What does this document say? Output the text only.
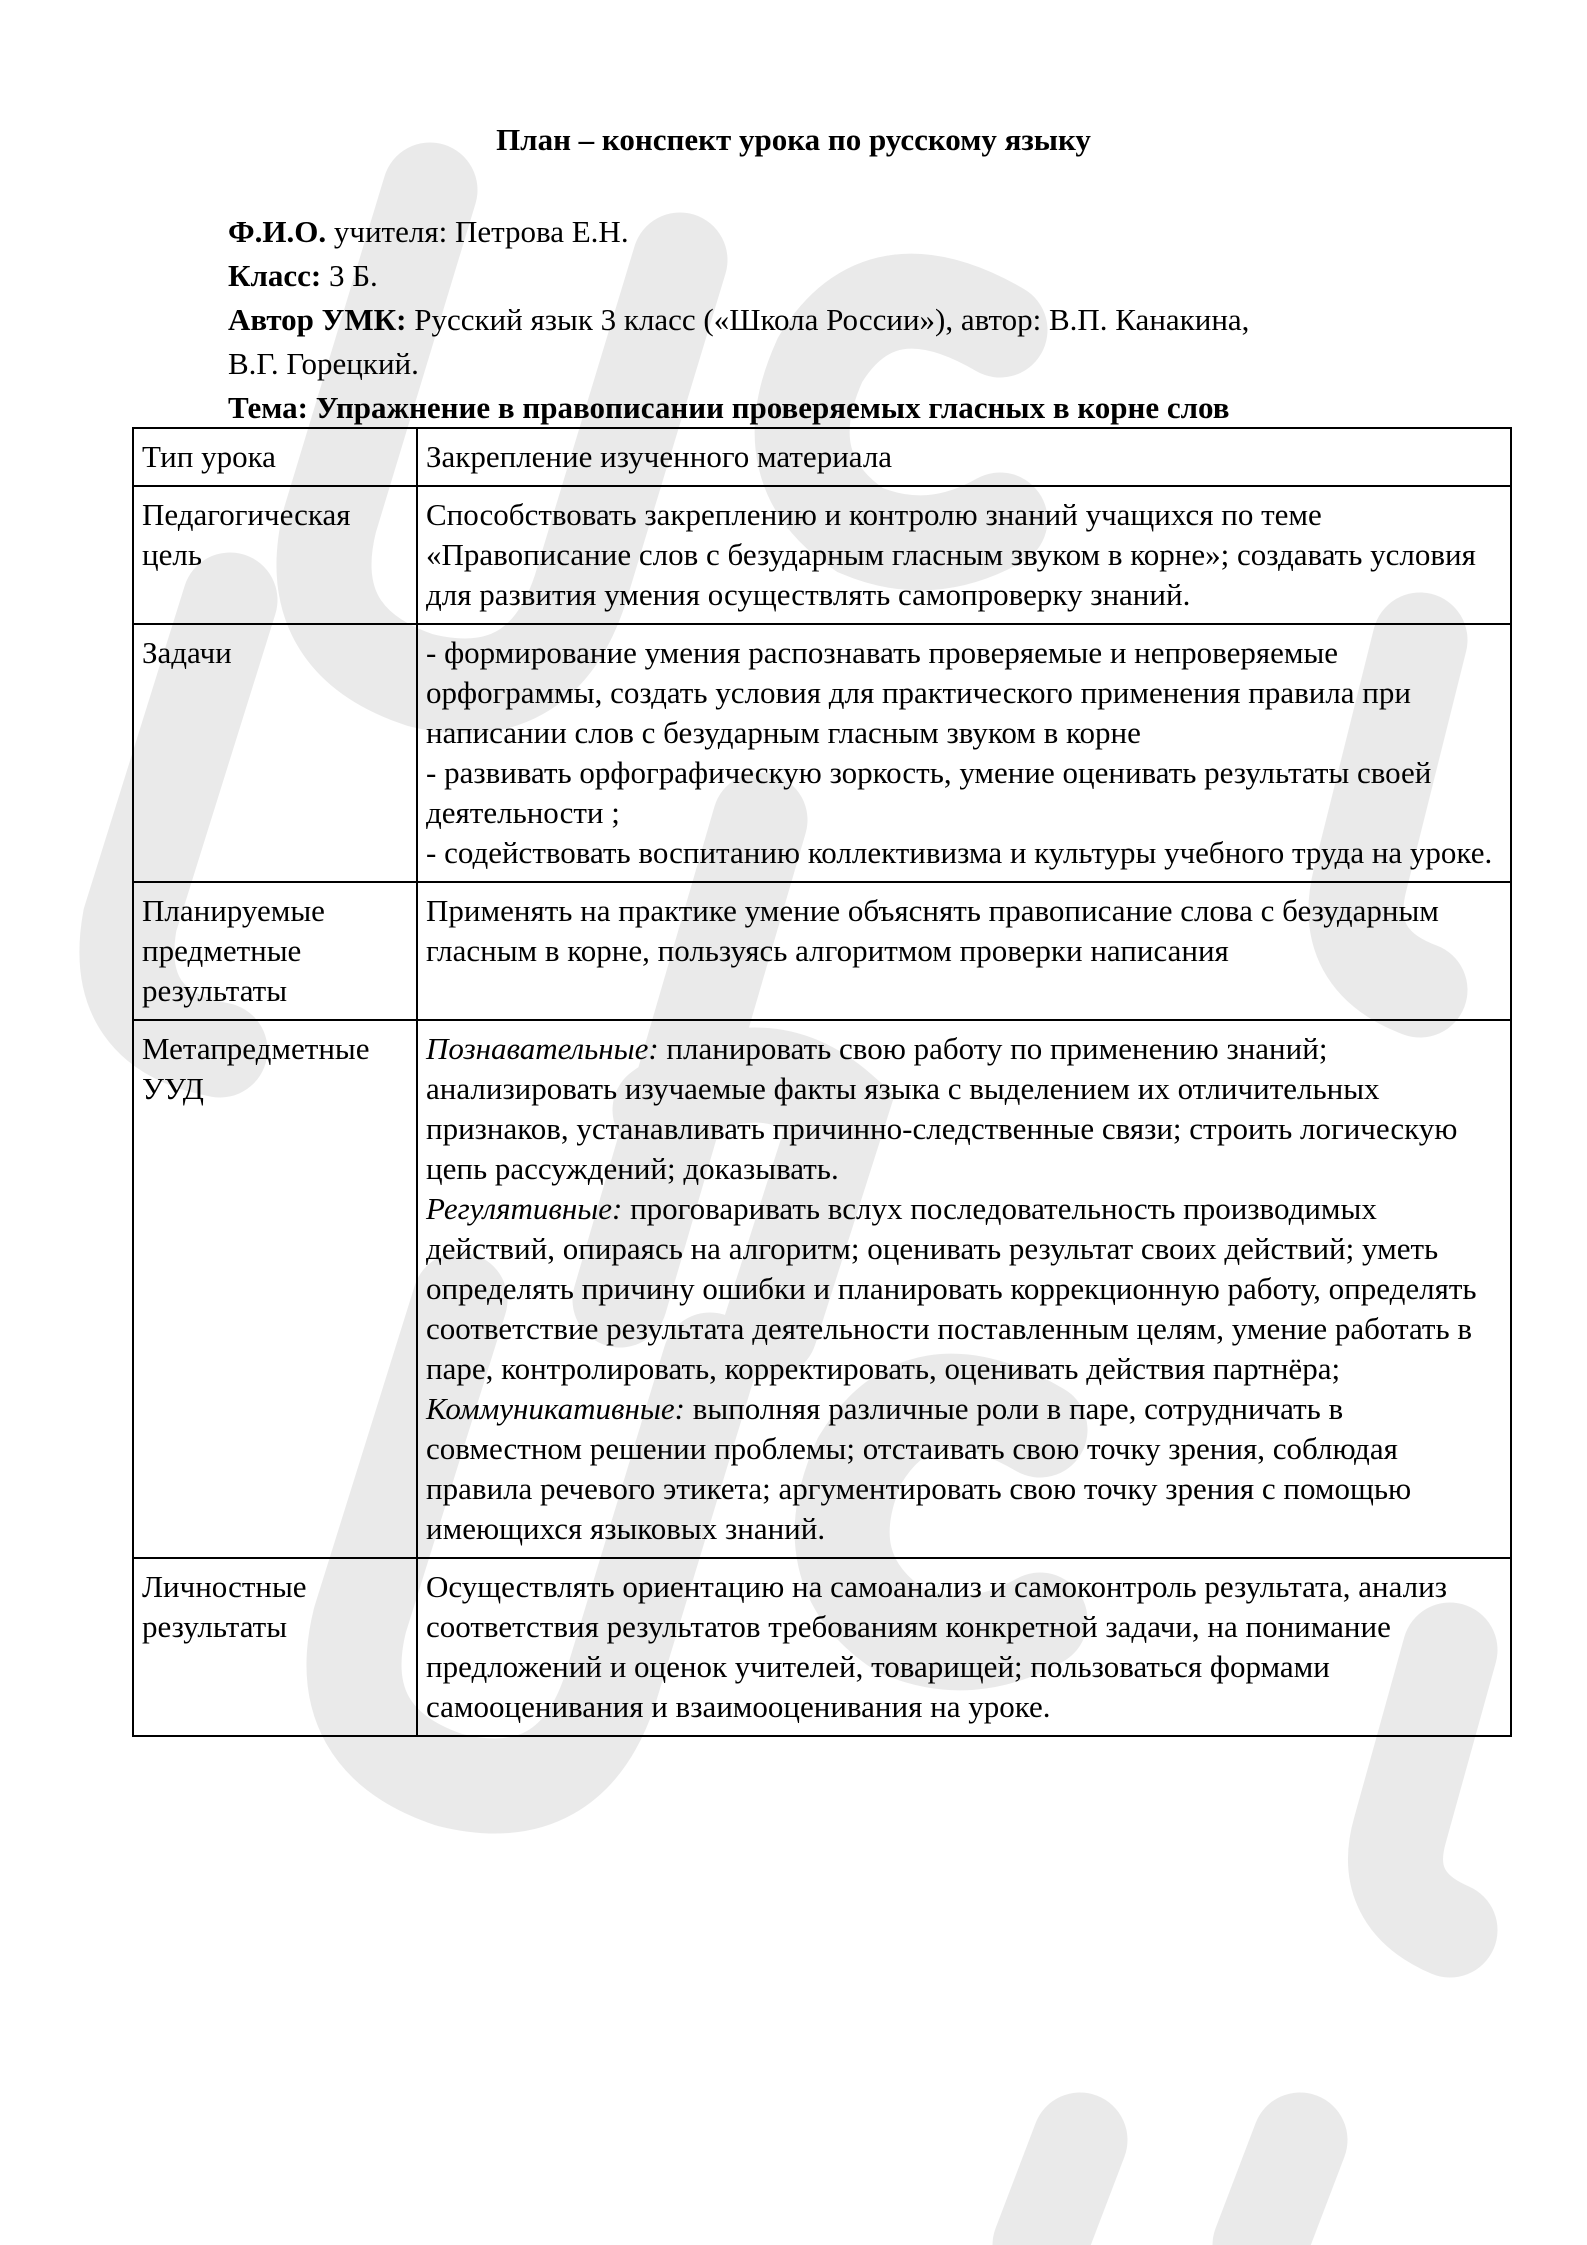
План – конспект урока по русскому языку

Ф.И.О. учителя: Петрова Е.Н.

Класс: 3 Б.

Автор УМК: Русский язык 3 класс («Школа России»), автор: В.П. Канакина,

В.Г. Горецкий.

Тема: Упражнение в правописании проверяемых гласных в корне слов

Тип урока	Закрепление изученного материала

Педагогическая цель	Способствовать закреплению и контролю знаний учащихся по теме «Правописание слов с безударным гласным звуком в корне»; создавать условия для развития умения осуществлять самопроверку знаний.

Задачи	- формирование умения распознавать проверяемые и непроверяемые орфограммы, создать условия для практического применения правила при написании слов с безударным гласным звуком в корне
- развивать орфографическую зоркость, умение оценивать результаты своей деятельности ;
- содействовать воспитанию коллективизма и культуры учебного труда на уроке.

Планируемые предметные результаты	Применять на практике умение объяснять правописание слова с безударным гласным в корне, пользуясь алгоритмом проверки написания

Метапредметные УУД	Познавательные: планировать свою работу по применению знаний; анализировать изучаемые факты языка с выделением их отличительных признаков, устанавливать причинно-следственные связи; строить логическую цепь рассуждений; доказывать.
Регулятивные: проговаривать вслух последовательность производимых действий, опираясь на алгоритм; оценивать результат своих действий; уметь определять причину ошибки и планировать коррекционную работу, определять соответствие результата деятельности поставленным целям, умение работать в паре, контролировать, корректировать, оценивать действия партнёра;
Коммуникативные: выполняя различные роли в паре, сотрудничать в совместном решении проблемы; отстаивать свою точку зрения, соблюдая правила речевого этикета; аргументировать свою точку зрения с помощью имеющихся языковых знаний.

Личностные результаты	Осуществлять ориентацию на самоанализ и самоконтроль результата, анализ соответствия результатов требованиям конкретной задачи, на понимание предложений и оценок учителей, товарищей; пользоваться формами самооценивания и взаимооценивания на уроке.
